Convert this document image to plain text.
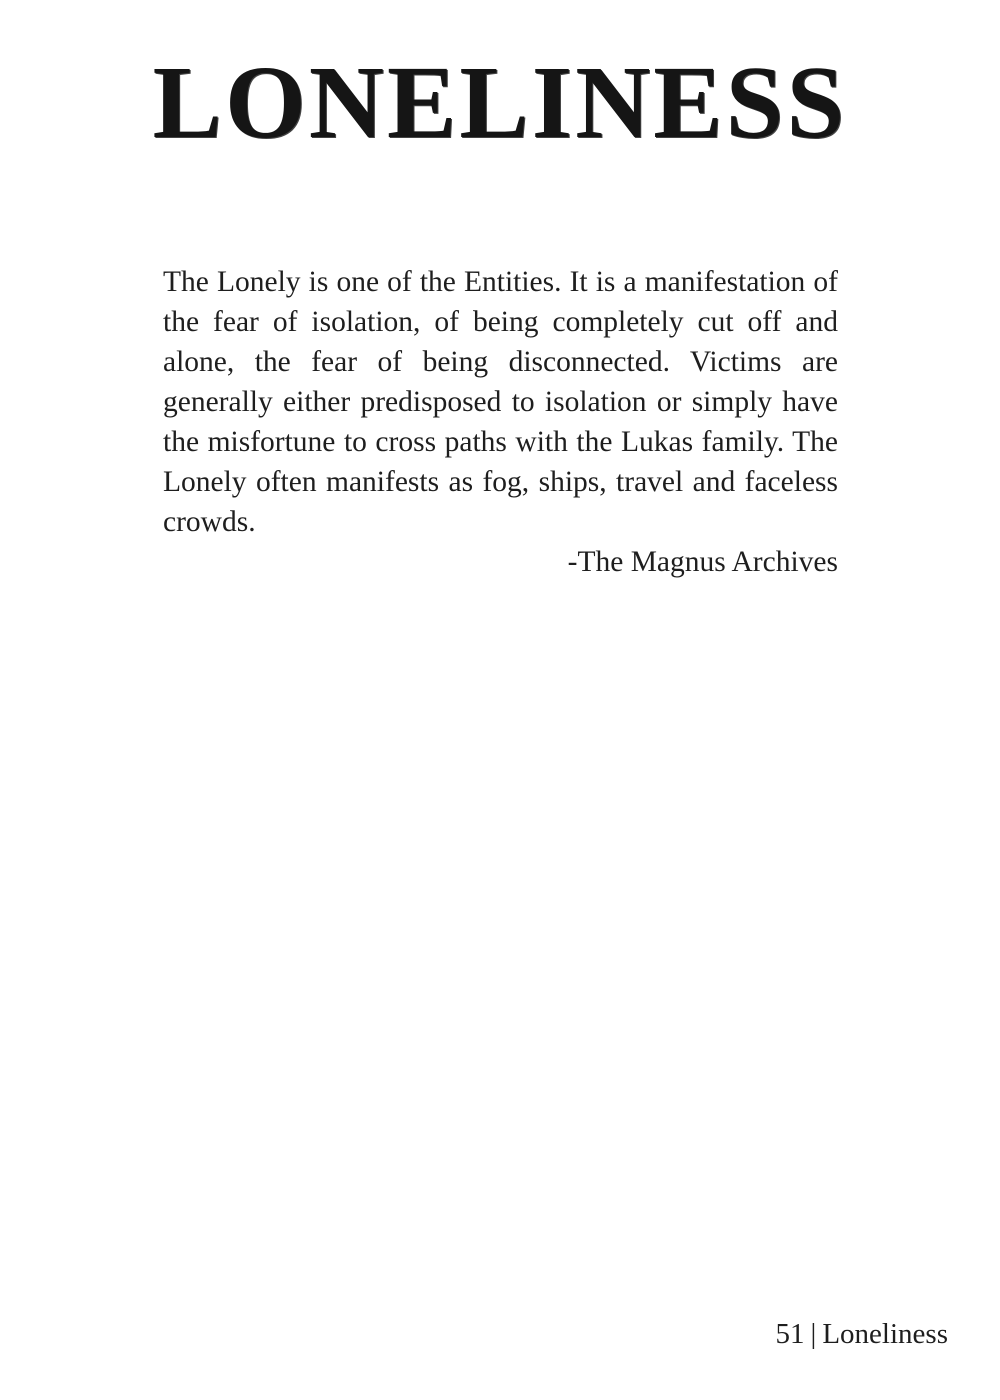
LONELINESS

The Lonely is one of the Entities. It is a manifestation of the fear of isolation, of being completely cut off and alone, the fear of being disconnected. Victims are generally either predisposed to isolation or simply have the misfortune to cross paths with the Lukas family. The Lonely often manifests as fog, ships, travel and faceless crowds.

-The Magnus Archives

51 | Loneliness
